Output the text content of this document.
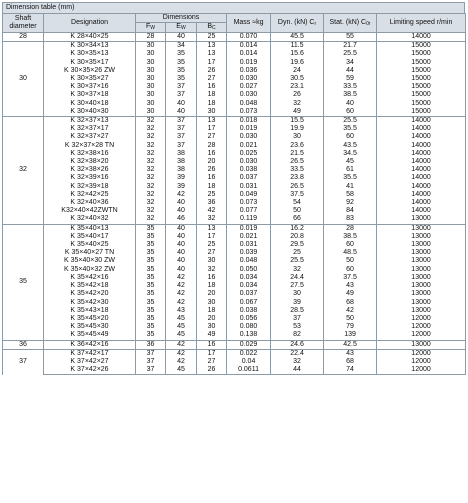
Dimension table (mm)
Shaft diameter	Designation	Dimensions			Mass ≈kg	Dyn. (kN) $C_r$	Stat. (kN) $C_{0r}$	Limiting speed r/min
		$F_W$	$E_W$	$B_C$
28	K 28×40×25	28	40	25	0.070	45.5	55	14000
30	K 30×34×13	30	34	13	0.014	11.5	21.7	15000
	K 30×35×13	30	35	13	0.014	15.6	25.5	15000
	K 30×35×17	30	35	17	0.019	19.6	34	15000
	K 30×35×26 ZW	30	35	26	0.036	24	44	15000
	K 30×35×27	30	35	27	0.030	30.5	59	15000
	K 30×37×16	30	37	16	0.027	23.1	33.5	15000
	K 30×37×18	30	37	18	0.030	26	38.5	15000
	K 30×40×18	30	40	18	0.048	32	40	15000
	K 30×40×30	30	40	30	0.073	49	60	15000
32	K 32×37×13	32	37	13	0.018	15.5	25.5	14000
	K 32×37×17	32	37	17	0.019	19.9	35.5	14000
	K 32×37×27	32	37	27	0.030	30	60	14000
	K 32×37×28 TN	32	37	28	0.021	23.6	43.5	14000
	K 32×38×16	32	38	16	0.025	21.5	34.5	14000
	K 32×38×20	32	38	20	0.030	26.5	45	14000
	K 32×38×26	32	38	26	0.038	33.5	61	14000
	K 32×39×16	32	39	16	0.037	23.8	35.5	14000
	K 32×39×18	32	39	18	0.031	26.5	41	14000
	K 32×42×25	32	42	25	0.049	37.5	58	14000
	K 32×40×36	32	40	36	0.073	54	92	14000
	K32×40×42ZWTN	32	40	42	0.077	50	84	14000
	K 32×40×32	32	46	32	0.119	66	83	13000
35	K 35×40×13	35	40	13	0.019	16.2	28	13000
	K 35×40×17	35	40	17	0.021	20.8	38.5	13000
	K 35×40×25	35	40	25	0.031	29.5	60	13000
	K 35×40×27 TN	35	40	27	0.039	25	48.5	13000
	K 35×40×30 ZW	35	40	30	0.048	25.5	50	13000
	K 35×40×32 ZW	35	40	32	0.050	32	60	13000
	K 35×42×16	35	42	16	0.034	24.4	37.5	13000
	K 35×42×18	35	42	18	0.034	27.5	43	13000
	K 35×42×20	35	42	20	0.037	30	49	13000
	K 35×42×30	35	42	30	0.067	39	68	13000
	K 35×43×18	35	43	18	0.038	28.5	42	13000
	K 35×45×20	35	45	20	0.056	37	50	12000
	K 35×45×30	35	45	30	0.080	53	79	12000
	K 35×45×49	35	45	49	0.138	82	139	12000
36	K 36×42×16	36	42	16	0.029	24.6	42.5	13000
37	K 37×42×17	37	42	17	0.022	22.4	43	12000
	K 37×42×27	37	42	27	0.04	32	68	12000
	K 37×42×26	37	45	26	0.0611	44	74	12000
